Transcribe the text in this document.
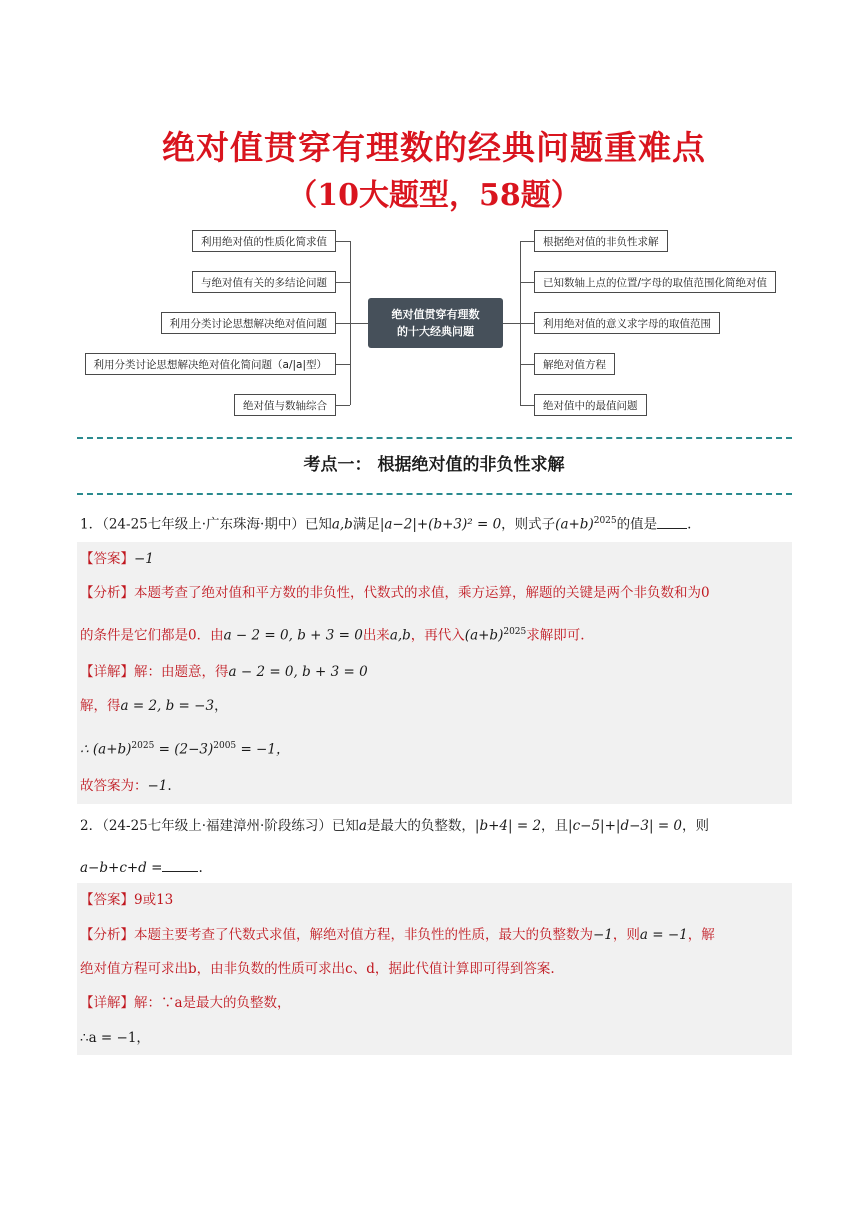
绝对值贯穿有理数的经典问题重难点
（10大题型，58题）
利用绝对值的性质化简求值
与绝对值有关的多结论问题
利用分类讨论思想解决绝对值问题
利用分类讨论思想解决绝对值化简问题（a/|a|型）
绝对值与数轴综合
绝对值贯穿有理数
的十大经典问题
根据绝对值的非负性求解
已知数轴上点的位置/字母的取值范围化简绝对值
利用绝对值的意义求字母的取值范围
解绝对值方程
绝对值中的最值问题
考点一： 根据绝对值的非负性求解
1．（24-25七年级上·广东珠海·期中）已知a,b满足|a−2|+(b+3)² = 0，则式子$(a+b)^{2025}$的值是 .
【答案】−1
【分析】本题考查了绝对值和平方数的非负性，代数式的求值，乘方运算，解题的关键是两个非负数和为0
的条件是它们都是0．由a − 2 = 0, b + 3 = 0出来a,b，再代入$(a+b)^{2025}$求解即可.
【详解】解：由题意，得a − 2 = 0, b + 3 = 0
解，得a = 2, b = −3，
∴ $(a+b)^{2025} = (2-3)^{2005} = -1$，
故答案为：−1.
2．（24-25七年级上·福建漳州·阶段练习）已知a是最大的负整数，|b+4| = 2，且|c−5|+|d−3| = 0，则
a−b+c+d =	.
【答案】9或13
【分析】本题主要考查了代数式求值，解绝对值方程，非负性的性质，最大的负整数为−1，则a = −1，解
绝对值方程可求出b，由非负数的性质可求出c、d，据此代值计算即可得到答案.
【详解】解：∵a是最大的负整数，
∴a = −1，
